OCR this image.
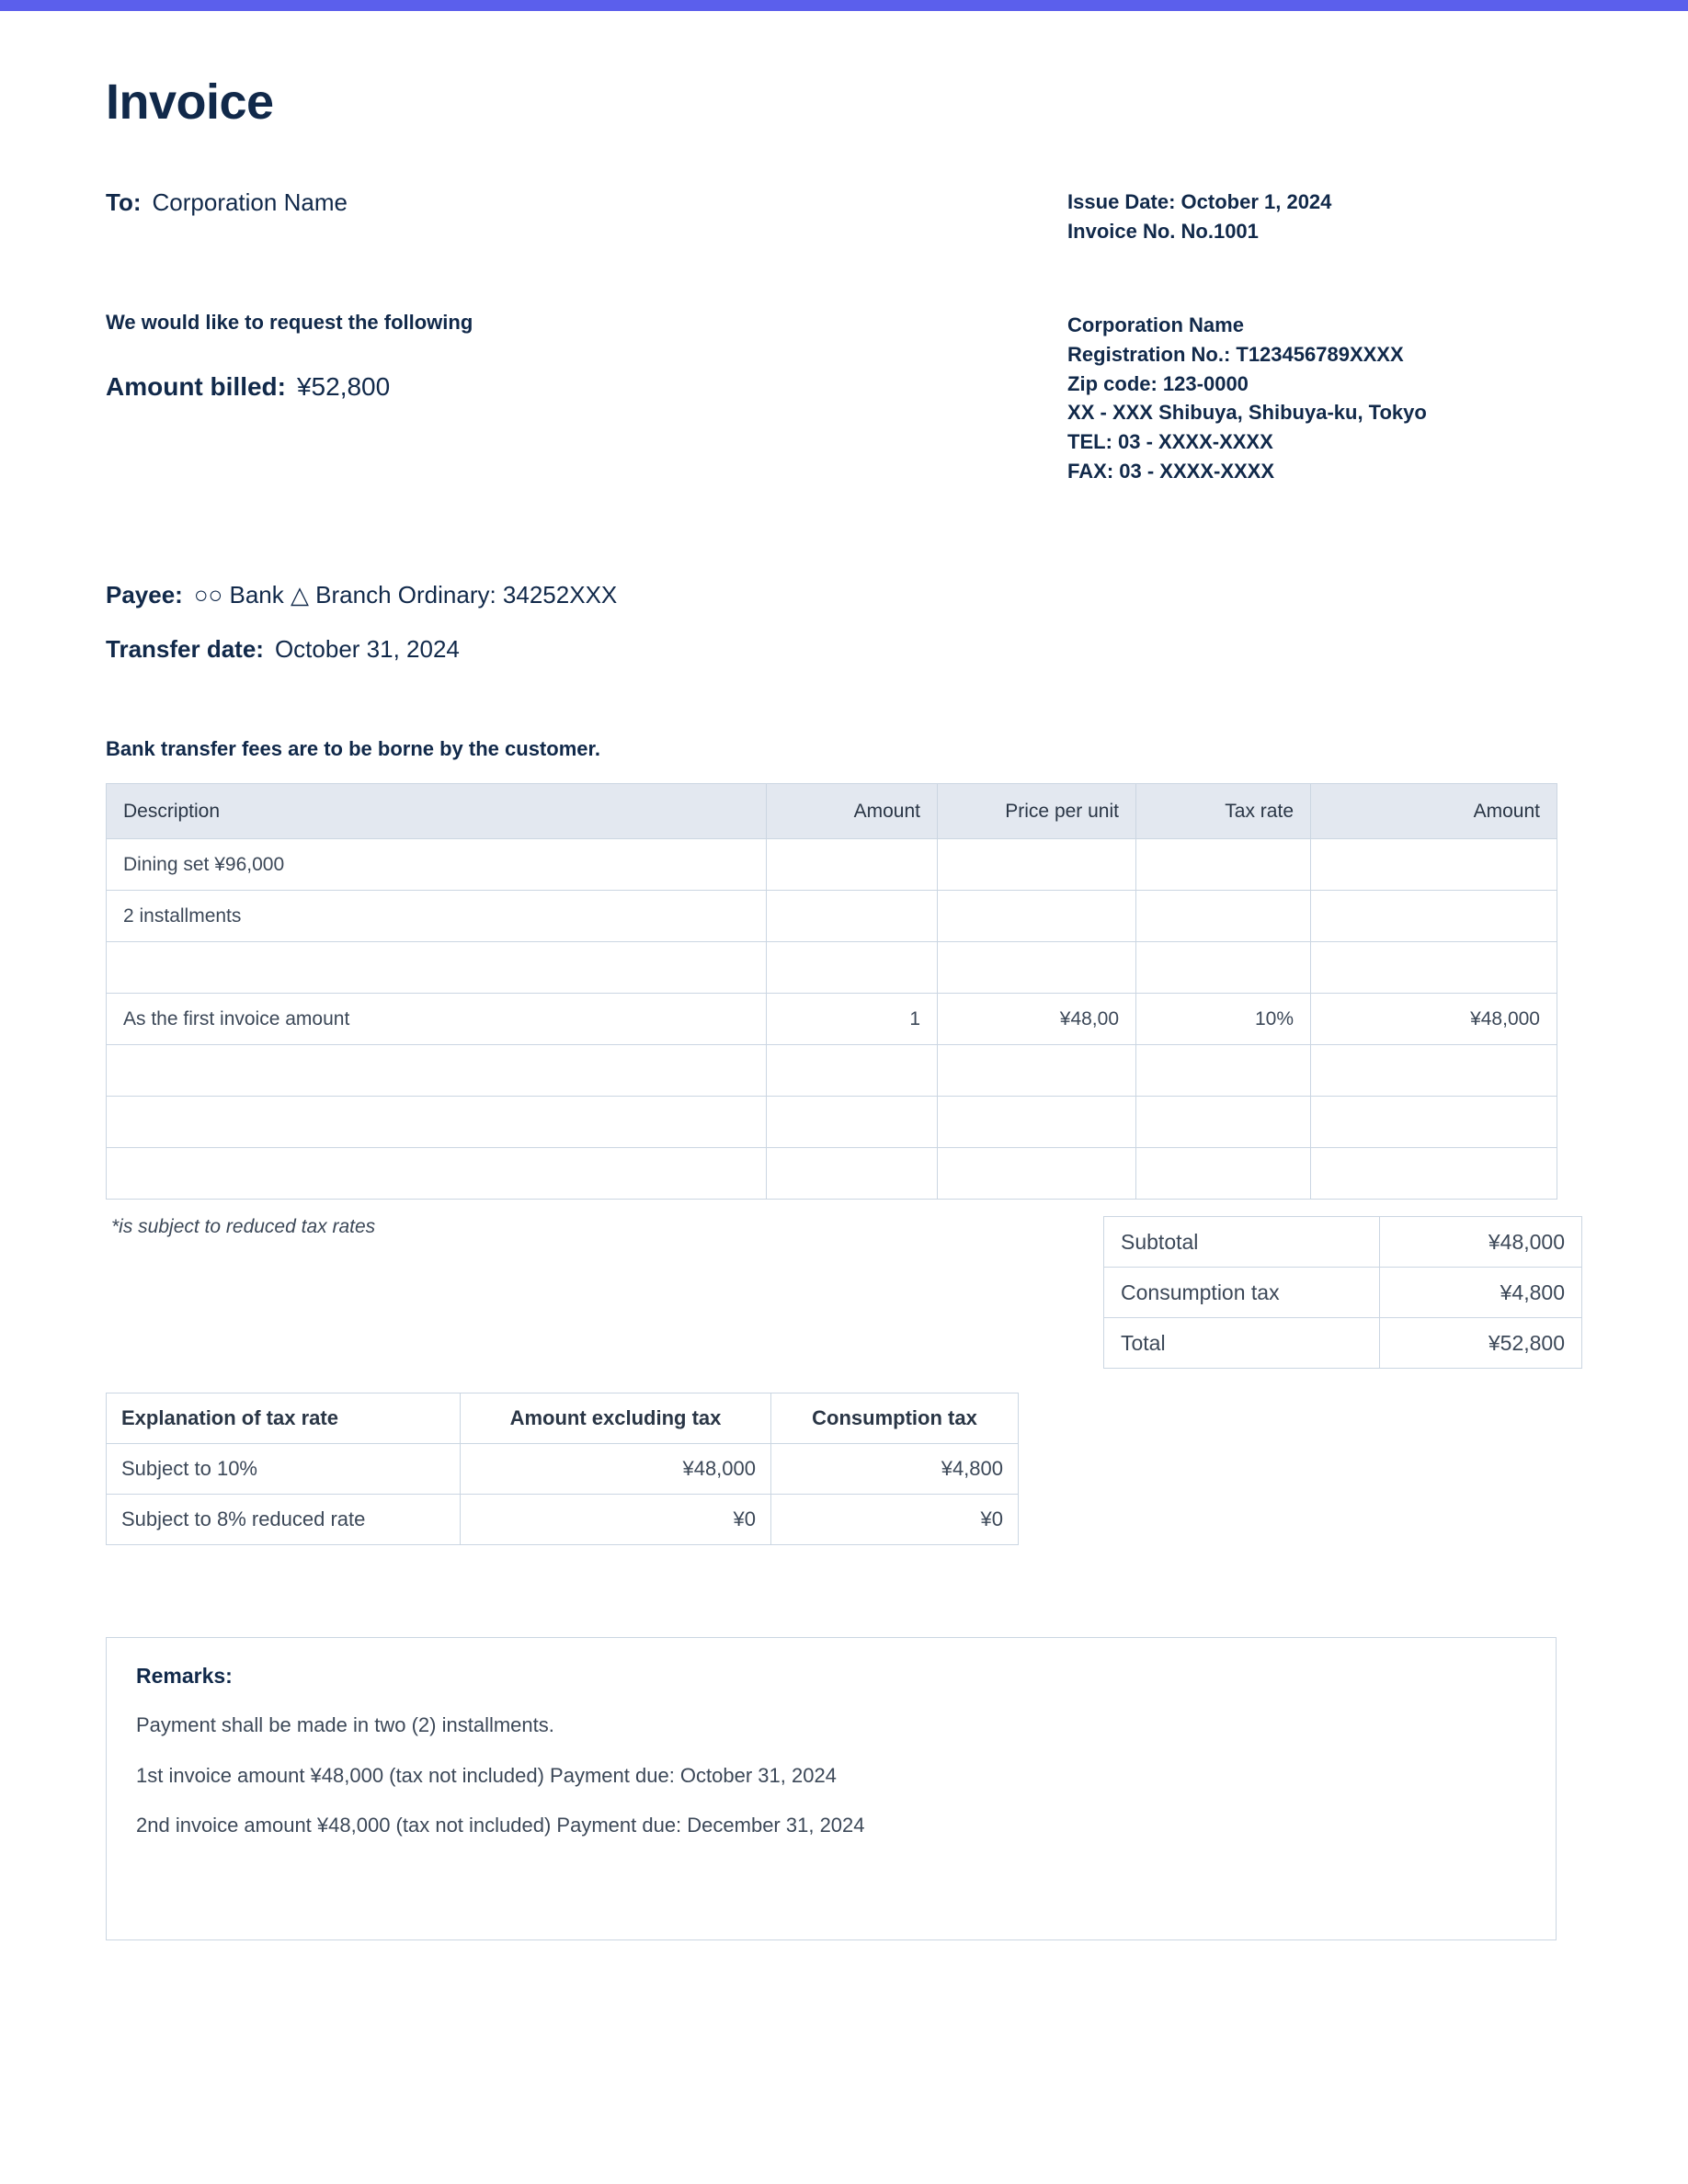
Invoice
To: Corporation Name	Issue Date: October 1, 2024
Invoice No. No.1001
We would like to request the following
Amount billed: ¥52,800
Corporation Name
Registration No.: T123456789XXXX
Zip code: 123-0000
XX - XXX Shibuya, Shibuya-ku, Tokyo
TEL: 03 - XXXX-XXXX
FAX: 03 - XXXX-XXXX
Payee: ○○ Bank △ Branch Ordinary: 34252XXX
Transfer date: October 31, 2024
Bank transfer fees are to be borne by the customer.
Description	Amount	Price per unit	Tax rate	Amount
Dining set ¥96,000				
2 installments				

As the first invoice amount	1	¥48,00	10%	¥48,000

*is subject to reduced tax rates
Subtotal	¥48,000
Consumption tax	¥4,800
Total	¥52,800
Explanation of tax rate	Amount excluding tax	Consumption tax
Subject to 10%	¥48,000	¥4,800
Subject to 8% reduced rate	¥0	¥0
Remarks:
Payment shall be made in two (2) installments.
1st invoice amount ¥48,000 (tax not included) Payment due: October 31, 2024
2nd invoice amount ¥48,000 (tax not included) Payment due: December 31, 2024
